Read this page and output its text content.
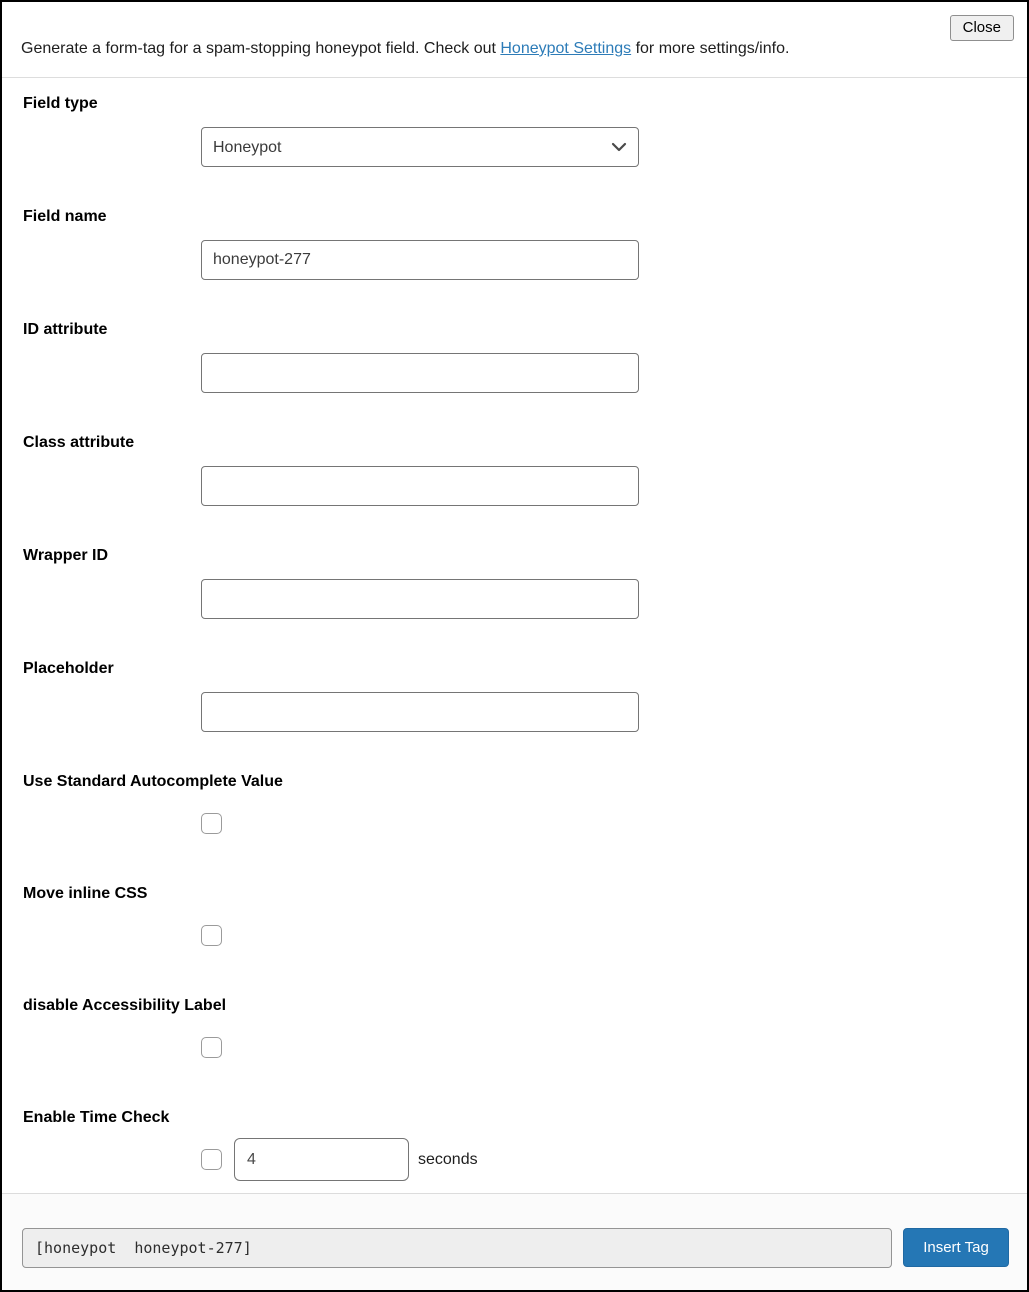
Close
Generate a form-tag for a spam-stopping honeypot field. Check out Honeypot Settings for more settings/info.
Field type
Honeypot
Field name
honeypot-277
ID attribute
Class attribute
Wrapper ID
Placeholder
Use Standard Autocomplete Value
Move inline CSS
disable Accessibility Label
Enable Time Check
4
seconds
[honeypot honeypot-277]
Insert Tag
